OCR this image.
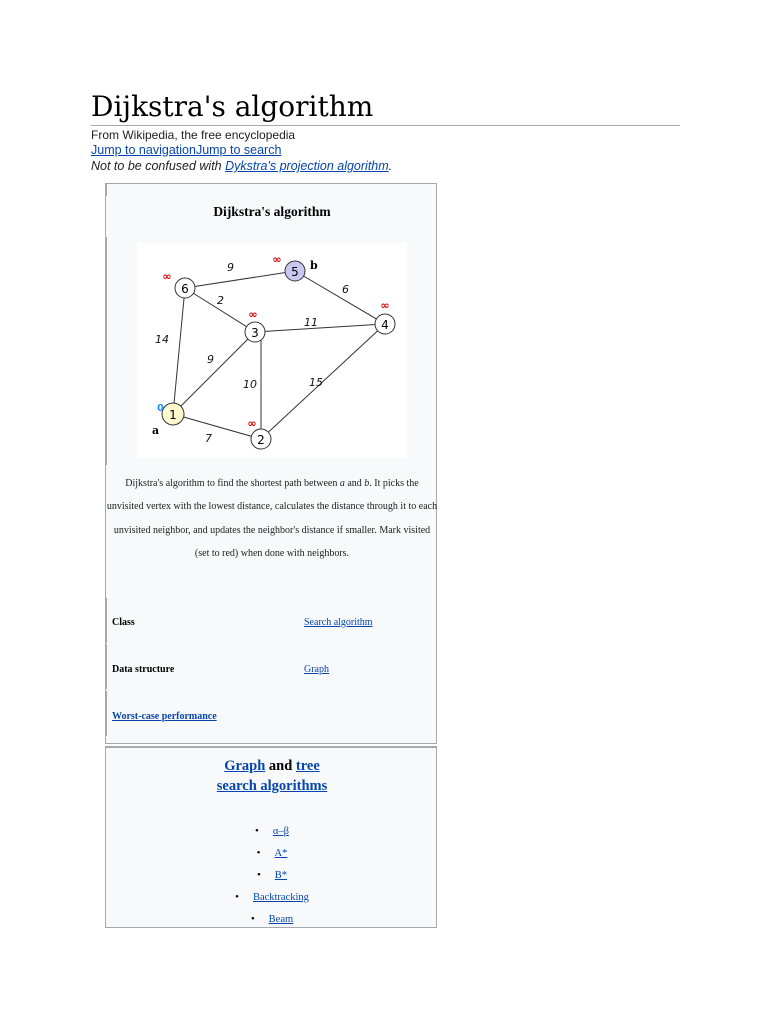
Dijkstra's algorithm
From Wikipedia, the free encyclopedia
Jump to navigationJump to search
Not to be confused with Dykstra's projection algorithm.
Dijkstra's algorithm
9
2
14
9
11
6
10	15
7
6
5
3
4
1
2
∞
∞
∞
∞
∞
0
a
b
Dijkstra's algorithm to find the shortest path between a and b. It picks the unvisited vertex with the lowest distance, calculates the distance through it to each unvisited neighbor, and updates the neighbor's distance if smaller. Mark visited (set to red) when done with neighbors.
Class	Search algorithm
Data structure	Graph
Worst-case performance
Graph and tree
search algorithms
• α–β
• A*
• B*
• Backtracking
• Beam
